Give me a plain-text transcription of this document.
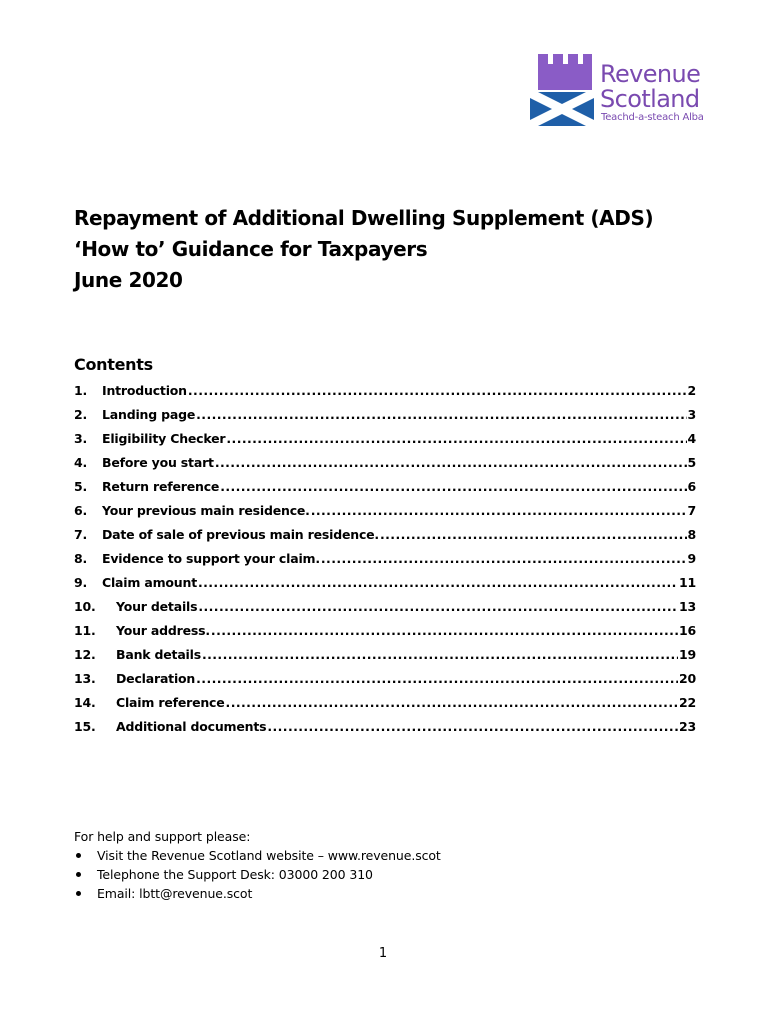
Revenue
Scotland
Teachd-a-steach Alba
Repayment of Additional Dwelling Supplement (ADS)
‘How to’ Guidance for Taxpayers
June 2020
Contents
1. Introduction .....	2
2. Landing page .....	3
3. Eligibility Checker .....	4
4. Before you start .....	5
5. Return reference .....	6
6. Your previous main residence. .....	7
7. Date of sale of previous main residence. .....	8
8. Evidence to support your claim. .....	9
9. Claim amount .....	11
10. Your details .....	13
11. Your address. .....	16
12. Bank details .....	19
13. Declaration .....	20
14. Claim reference .....	22
15. Additional documents .....	23
For help and support please:
Visit the Revenue Scotland website – www.revenue.scot
Telephone the Support Desk: 03000 200 310
Email: lbtt@revenue.scot
1
